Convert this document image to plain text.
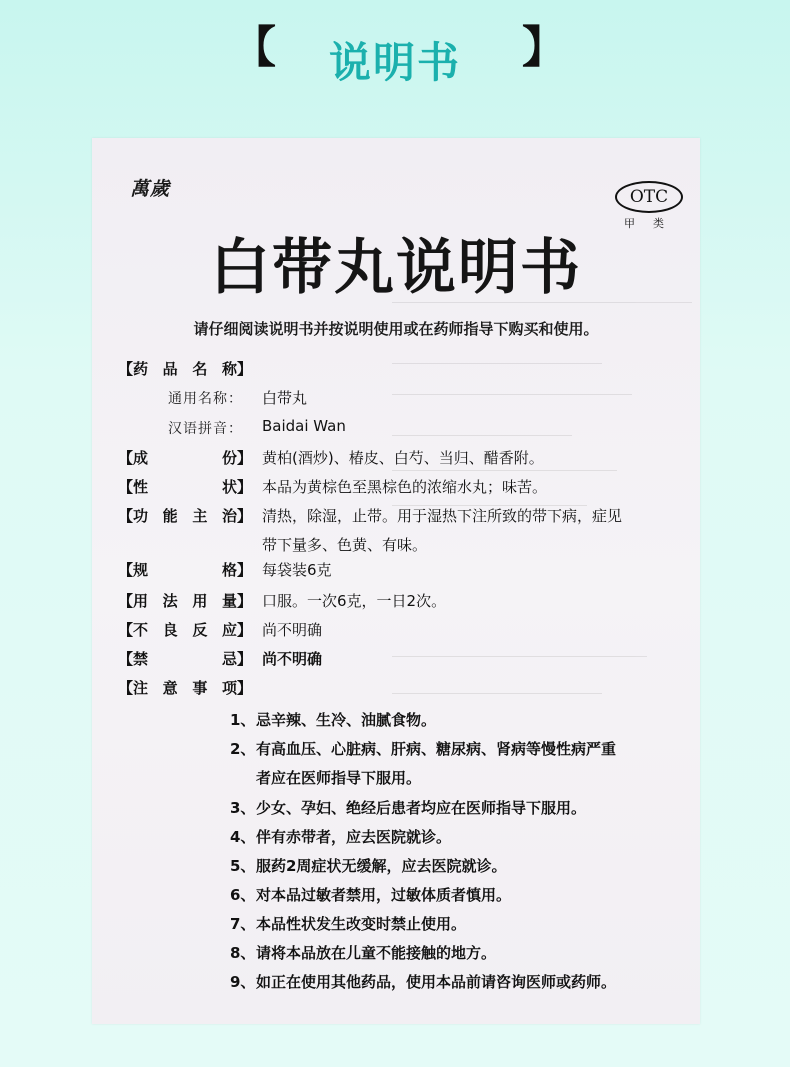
【	说明书	】
萬歲	OTC
甲类
白带丸说明书
请仔细阅读说明书并按说明使用或在药师指导下购买和使用。
【药品名称】
通用名称： 白带丸
汉语拼音： Baidai Wan
【成份】 黄柏(酒炒)、椿皮、白芍、当归、醋香附。
【性状】 本品为黄棕色至黑棕色的浓缩水丸；味苦。
【功能主治】 清热，除湿，止带。用于湿热下注所致的带下病，症见
带下量多、色黄、有味。
【规格】 每袋装6克
【用法用量】 口服。一次6克，一日2次。
【不良反应】 尚不明确
【禁忌】 尚不明确
【注意事项】
1、忌辛辣、生冷、油腻食物。
2、有高血压、心脏病、肝病、糖尿病、肾病等慢性病严重
者应在医师指导下服用。
3、少女、孕妇、绝经后患者均应在医师指导下服用。
4、伴有赤带者，应去医院就诊。
5、服药2周症状无缓解，应去医院就诊。
6、对本品过敏者禁用，过敏体质者慎用。
7、本品性状发生改变时禁止使用。
8、请将本品放在儿童不能接触的地方。
9、如正在使用其他药品，使用本品前请咨询医师或药师。
